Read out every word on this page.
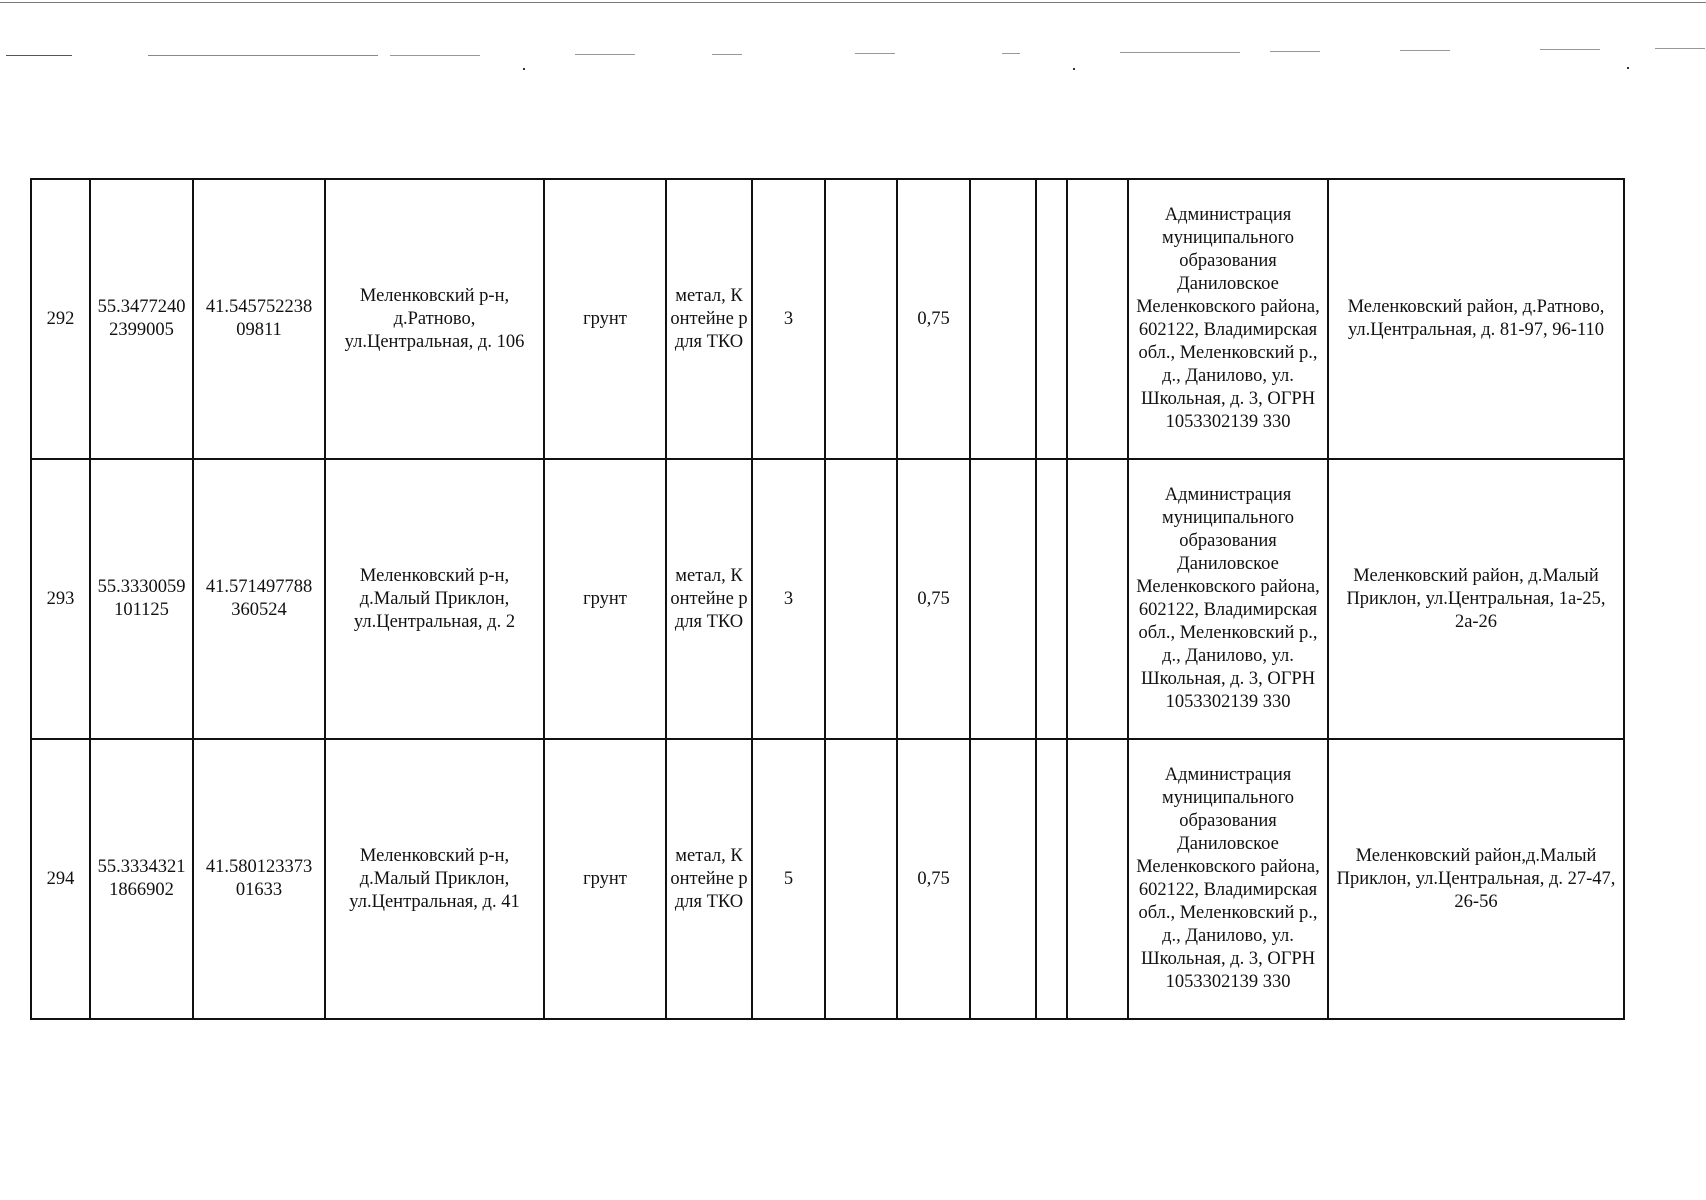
292	55.3477240 2399005	41.545752238 09811	Меленковский р-н, д.Ратново, ул.Центральная, д. 106	грунт	метал, К онтейне р для ТКО	3		0,75				Администрация муниципального образования Даниловское Меленковского района, 602122, Владимирская обл., Меленковский р., д., Данилово, ул. Школьная, д. 3, ОГРН 1053302139 330	Меленковский район, д.Ратново, ул.Центральная, д. 81-97, 96-110
293	55.3330059 101125	41.571497788 360524	Меленковский р-н, д.Малый Приклон, ул.Центральная, д. 2	грунт	метал, К онтейне р для ТКО	3		0,75				Администрация муниципального образования Даниловское Меленковского района, 602122, Владимирская обл., Меленковский р., д., Данилово, ул. Школьная, д. 3, ОГРН 1053302139 330	Меленковский район, д.Малый Приклон, ул.Центральная, 1а-25, 2а-26
294	55.3334321 1866902	41.580123373 01633	Меленковский р-н, д.Малый Приклон, ул.Центральная, д. 41	грунт	метал, К онтейне р для ТКО	5		0,75				Администрация муниципального образования Даниловское Меленковского района, 602122, Владимирская обл., Меленковский р., д., Данилово, ул. Школьная, д. 3, ОГРН 1053302139 330	Меленковский район,д.Малый Приклон, ул.Центральная, д. 27-47, 26-56
